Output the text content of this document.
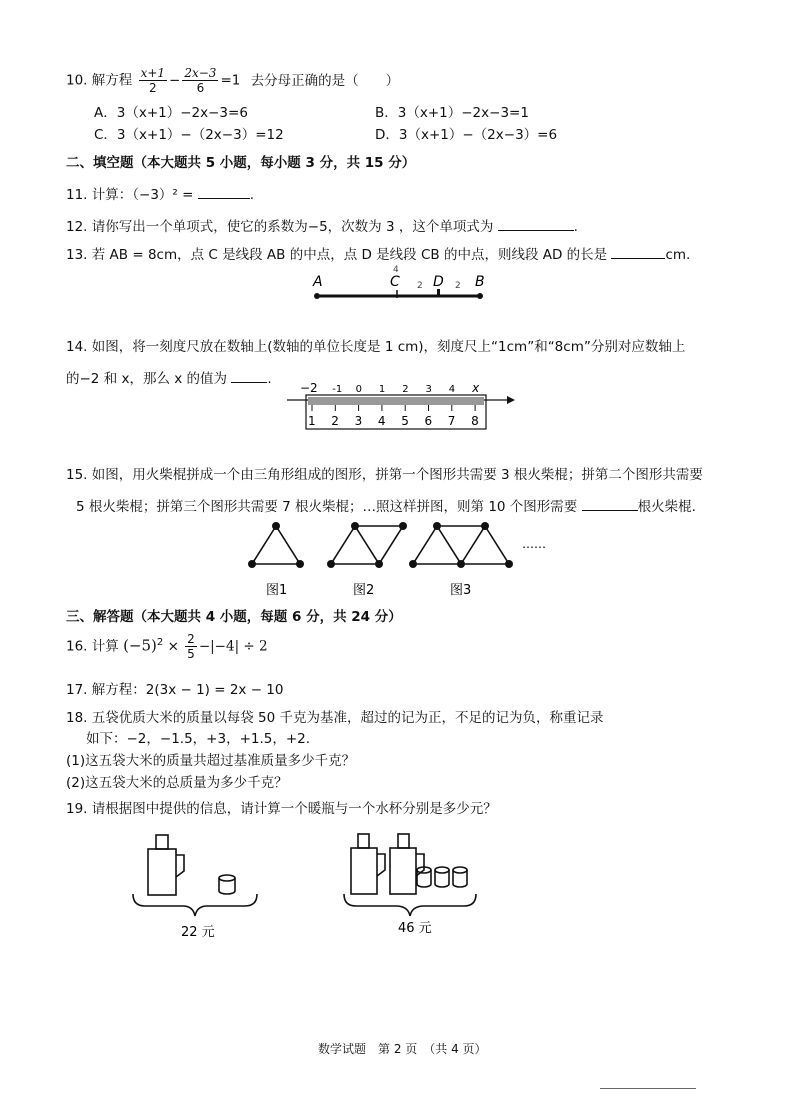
10. 解方程 $\frac{x+1}{2} - \frac{2x-3}{6} =1$ 去分母正确的是（　　）
A．3（x+1）−2x−3=6	B．3（x+1）−2x−3=1
C．3（x+1）−（2x−3）=12	D．3（x+1）−（2x−3）=6
二、填空题（本大题共 5 小题，每小题 3 分，共 15 分）
11. 计算：（−3）² =	.
12. 请你写出一个单项式，使它的系数为−5，次数为 3 ，这个单项式为	.
13. 若 AB = 8cm，点 C 是线段 AB 的中点，点 D 是线段 CB 的中点，则线段 AD 的长是	cm.
A	C D B
4
2	2
14. 如图，将一刻度尺放在数轴上(数轴的单位长度是 1 cm)，刻度尺上“1cm”和“8cm”分别对应数轴上
的−2 和 x，那么 x 的值为	.
−2 -1 0 1 2 3 4 x
1 2 3 4 5 6 7 8
15. 如图，用火柴棍拼成一个由三角形组成的图形，拼第一个图形共需要 3 根火柴棍；拼第二个图形共需要
5 根火柴棍；拼第三个图形共需要 7 根火柴棍；…照这样拼图，则第 10 个图形需要	根火柴棍.
……
图1	图2	图3
三、解答题（本大题共 4 小题，每题 6 分，共 24 分）
16. 计算 $(-5)^2 \times \frac{2}{5} -|-4| \div 2$
17. 解方程：2(3x − 1) = 2x − 10
18. 五袋优质大米的质量以每袋 50 千克为基准，超过的记为正，不足的记为负，称重记录
如下：−2，−1.5，+3，+1.5，+2.
(1)这五袋大米的质量共超过基准质量多少千克？
(2)这五袋大米的总质量为多少千克？
19. 请根据图中提供的信息，请计算一个暖瓶与一个水杯分别是多少元？
22 元	46 元
数学试题　第 2 页　（共 4 页）
